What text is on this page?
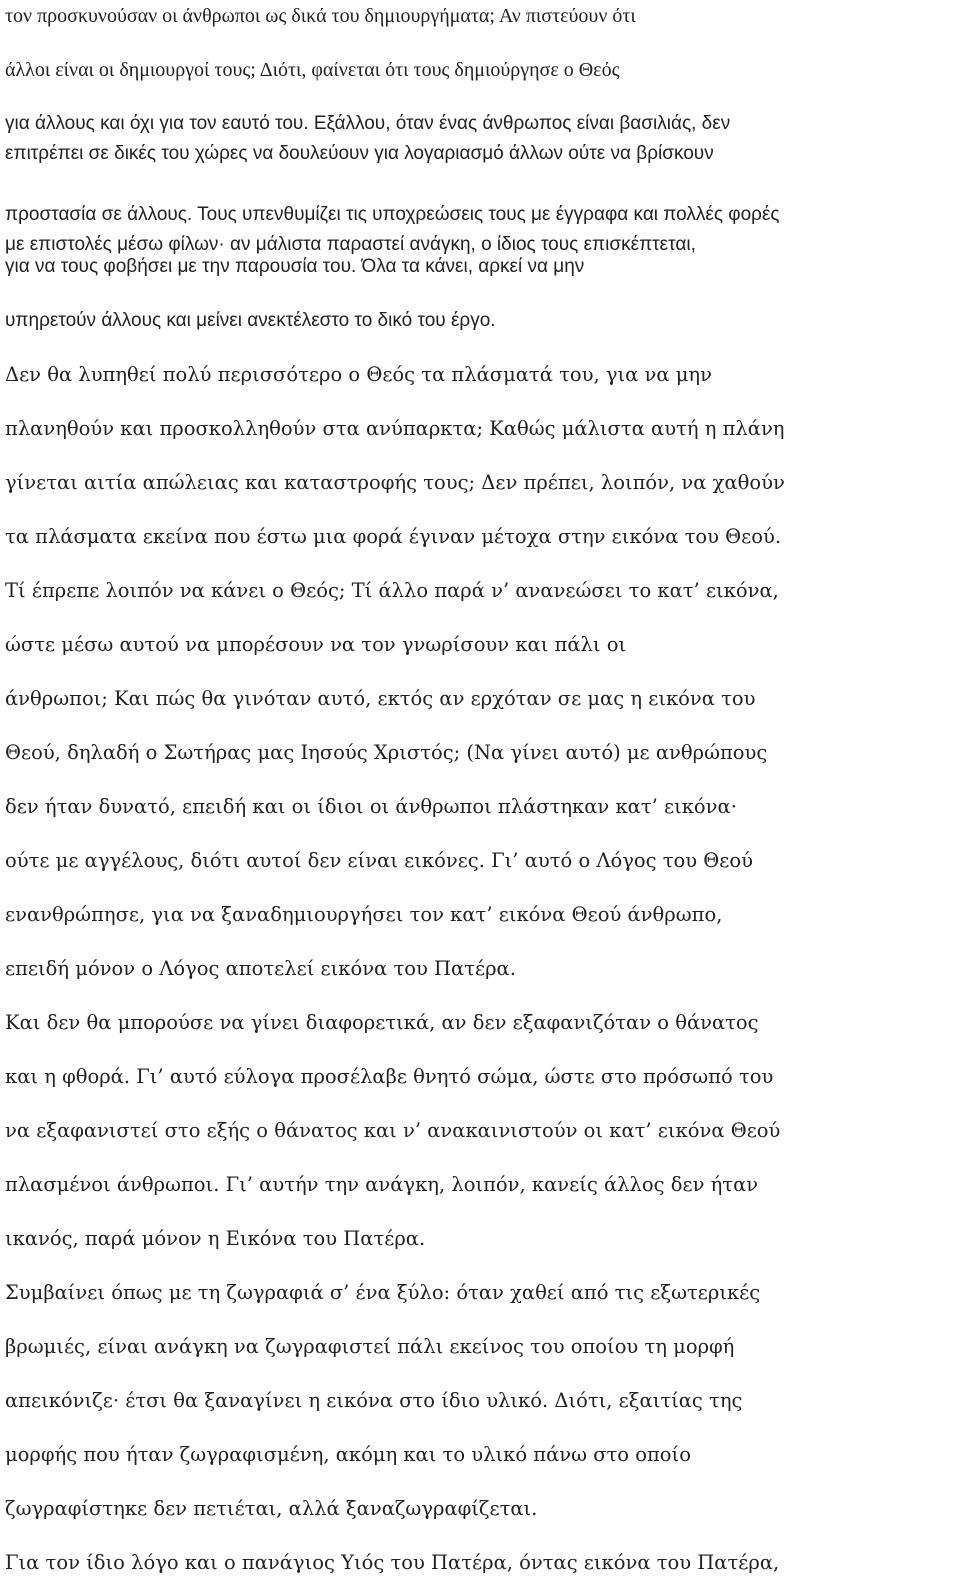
τον προσκυνούσαν οι άνθρωποι ως δικά του δημιουργήματα; Αν πιστεύουν ότι
άλλοι είναι οι δημιουργοί τους; Διότι, φαίνεται ότι τους δημιούργησε ο Θεός
για άλλους και όχι για τον εαυτό του. Εξάλλου, όταν ένας άνθρωπος είναι βασιλιάς, δεν
επιτρέπει σε δικές του χώρες να δουλεύουν για λογαριασμό άλλων ούτε να βρίσκουν
προστασία σε άλλους. Τους υπενθυμίζει τις υποχρεώσεις τους με έγγραφα και πολλές φορές
με επιστολές μέσω φίλων· αν μάλιστα παραστεί ανάγκη, ο ίδιος τους επισκέπτεται,
για να τους φοβήσει με την παρουσία του. Όλα τα κάνει, αρκεί να μην
υπηρετούν άλλους και μείνει ανεκτέλεστο το δικό του έργο.
Δεν θα λυπηθεί πολύ περισσότερο ο Θεός τα πλάσματά του, για να μην
πλανηθούν και προσκολληθούν στα ανύπαρκτα; Καθώς μάλιστα αυτή η πλάνη
γίνεται αιτία απώλειας και καταστροφής τους; Δεν πρέπει, λοιπόν, να χαθούν
τα πλάσματα εκείνα που έστω μια φορά έγιναν μέτοχα στην εικόνα του Θεού.
Τί έπρεπε λοιπόν να κάνει ο Θεός; Τί άλλο παρά ν’ ανανεώσει το κατ’ εικόνα,
ώστε μέσω αυτού να μπορέσουν να τον γνωρίσουν και πάλι οι
άνθρωποι; Και πώς θα γινόταν αυτό, εκτός αν ερχόταν σε μας η εικόνα του
Θεού, δηλαδή ο Σωτήρας μας Ιησούς Χριστός; (Να γίνει αυτό) με ανθρώπους
δεν ήταν δυνατό, επειδή και οι ίδιοι οι άνθρωποι πλάστηκαν κατ’ εικόνα·
ούτε με αγγέλους, διότι αυτοί δεν είναι εικόνες. Γι’ αυτό ο Λόγος του Θεού
ενανθρώπησε, για να ξαναδημιουργήσει τον κατ’ εικόνα Θεού άνθρωπο,
επειδή μόνον ο Λόγος αποτελεί εικόνα του Πατέρα.
Και δεν θα μπορούσε να γίνει διαφορετικά, αν δεν εξαφανιζόταν ο θάνατος
και η φθορά. Γι’ αυτό εύλογα προσέλαβε θνητό σώμα, ώστε στο πρόσωπό του
να εξαφανιστεί στο εξής ο θάνατος και ν’ ανακαινιστούν οι κατ’ εικόνα Θεού
πλασμένοι άνθρωποι. Γι’ αυτήν την ανάγκη, λοιπόν, κανείς άλλος δεν ήταν
ικανός, παρά μόνον η Εικόνα του Πατέρα.
Συμβαίνει όπως με τη ζωγραφιά σ’ ένα ξύλο: όταν χαθεί από τις εξωτερικές
βρωμιές, είναι ανάγκη να ζωγραφιστεί πάλι εκείνος του οποίου τη μορφή
απεικόνιζε· έτσι θα ξαναγίνει η εικόνα στο ίδιο υλικό. Διότι, εξαιτίας της
μορφής που ήταν ζωγραφισμένη, ακόμη και το υλικό πάνω στο οποίο
ζωγραφίστηκε δεν πετιέται, αλλά ξαναζωγραφίζεται.
Για τον ίδιο λόγο και ο πανάγιος Υιός του Πατέρα, όντας εικόνα του Πατέρα,
